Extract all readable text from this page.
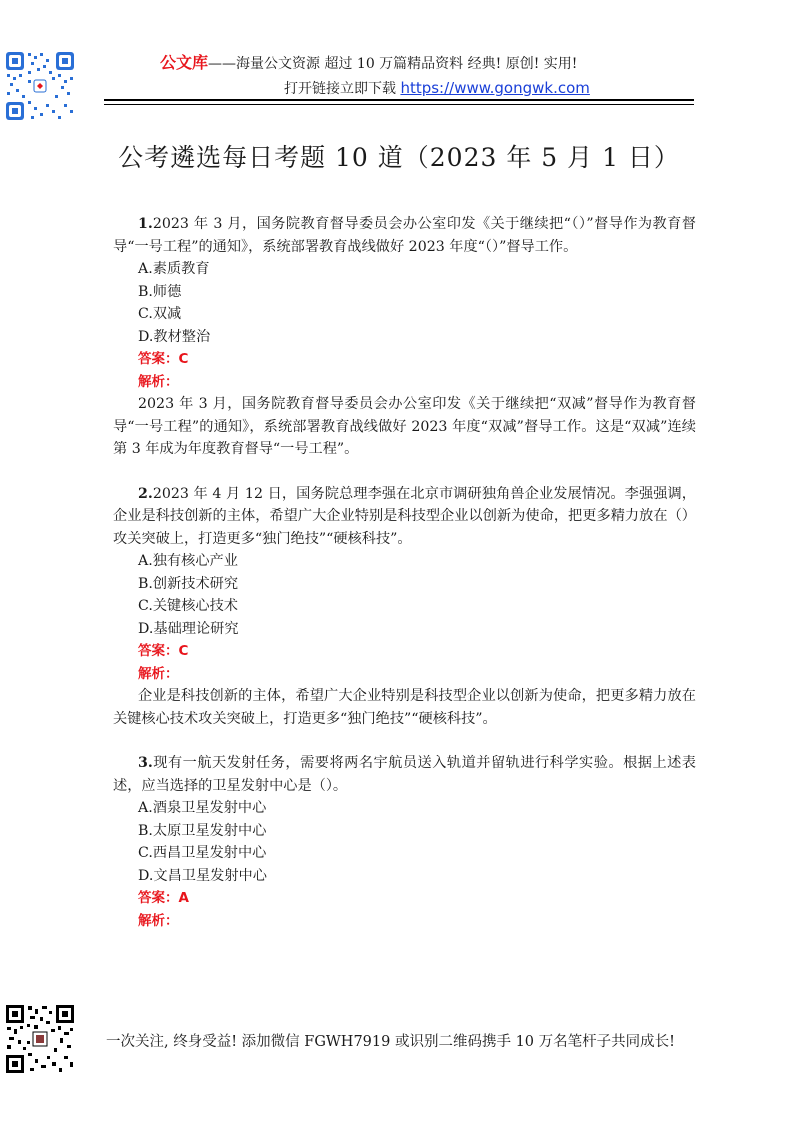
公文库——海量公文资源 超过 10 万篇精品资料 经典! 原创! 实用!
打开链接立即下载 https://www.gongwk.com
公考遴选每日考题 10 道（2023 年 5 月 1 日）

1.2023 年 3 月，国务院教育督导委员会办公室印发《关于继续把“（）”督导作为教育督导“一号工程”的通知》，系统部署教育战线做好 2023 年度“（）”督导工作。

A.素质教育

B.师德

C.双减

D.教材整治

答案：C

解析：

2023 年 3 月，国务院教育督导委员会办公室印发《关于继续把“双减”督导作为教育督导“一号工程”的通知》，系统部署教育战线做好 2023 年度“双减”督导工作。这是“双减”连续第 3 年成为年度教育督导“一号工程”。

2.2023 年 4 月 12 日，国务院总理李强在北京市调研独角兽企业发展情况。李强强调，企业是科技创新的主体，希望广大企业特别是科技型企业以创新为使命，把更多精力放在（）攻关突破上，打造更多“独门绝技”“硬核科技”。

A.独有核心产业

B.创新技术研究

C.关键核心技术

D.基础理论研究

答案：C

解析：

企业是科技创新的主体，希望广大企业特别是科技型企业以创新为使命，把更多精力放在关键核心技术攻关突破上，打造更多“独门绝技”“硬核科技”。

3.现有一航天发射任务，需要将两名宇航员送入轨道并留轨进行科学实验。根据上述表述，应当选择的卫星发射中心是（）。

A.酒泉卫星发射中心

B.太原卫星发射中心

C.西昌卫星发射中心

D.文昌卫星发射中心

答案：A

解析：

一次关注, 终身受益! 添加微信 FGWH7919 或识别二维码携手 10 万名笔杆子共同成长!
